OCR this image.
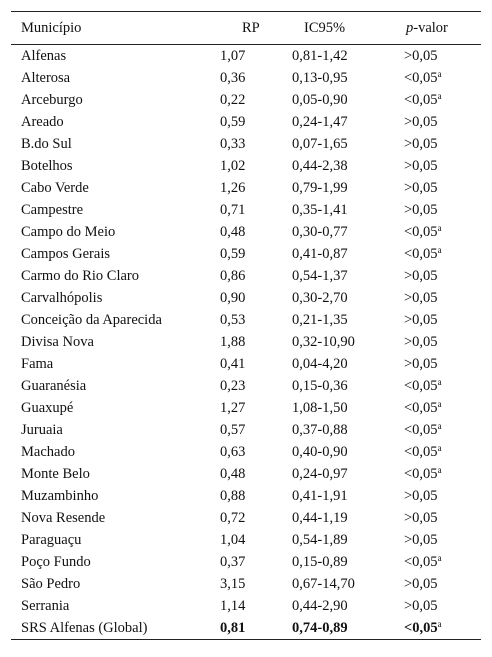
Município	RP	IC95%	p-valor
Alfenas	1,07	0,81-1,42	>0,05
Alterosa	0,36	0,13-0,95	<0,05$^a$
Arceburgo	0,22	0,05-0,90	<0,05$^a$
Areado	0,59	0,24-1,47	>0,05
B.do Sul	0,33	0,07-1,65	>0,05
Botelhos	1,02	0,44-2,38	>0,05
Cabo Verde	1,26	0,79-1,99	>0,05
Campestre	0,71	0,35-1,41	>0,05
Campo do Meio	0,48	0,30-0,77	<0,05$^a$
Campos Gerais	0,59	0,41-0,87	<0,05$^a$
Carmo do Rio Claro	0,86	0,54-1,37	>0,05
Carvalhópolis	0,90	0,30-2,70	>0,05
Conceição da Aparecida	0,53	0,21-1,35	>0,05
Divisa Nova	1,88	0,32-10,90	>0,05
Fama	0,41	0,04-4,20	>0,05
Guaranésia	0,23	0,15-0,36	<0,05$^a$
Guaxupé	1,27	1,08-1,50	<0,05$^a$
Juruaia	0,57	0,37-0,88	<0,05$^a$
Machado	0,63	0,40-0,90	<0,05$^a$
Monte Belo	0,48	0,24-0,97	<0,05$^a$
Muzambinho	0,88	0,41-1,91	>0,05
Nova Resende	0,72	0,44-1,19	>0,05
Paraguaçu	1,04	0,54-1,89	>0,05
Poço Fundo	0,37	0,15-0,89	<0,05$^a$
São Pedro	3,15	0,67-14,70	>0,05
Serrania	1,14	0,44-2,90	>0,05
SRS Alfenas (Global)	0,81	0,74-0,89	<0,05$^a$
